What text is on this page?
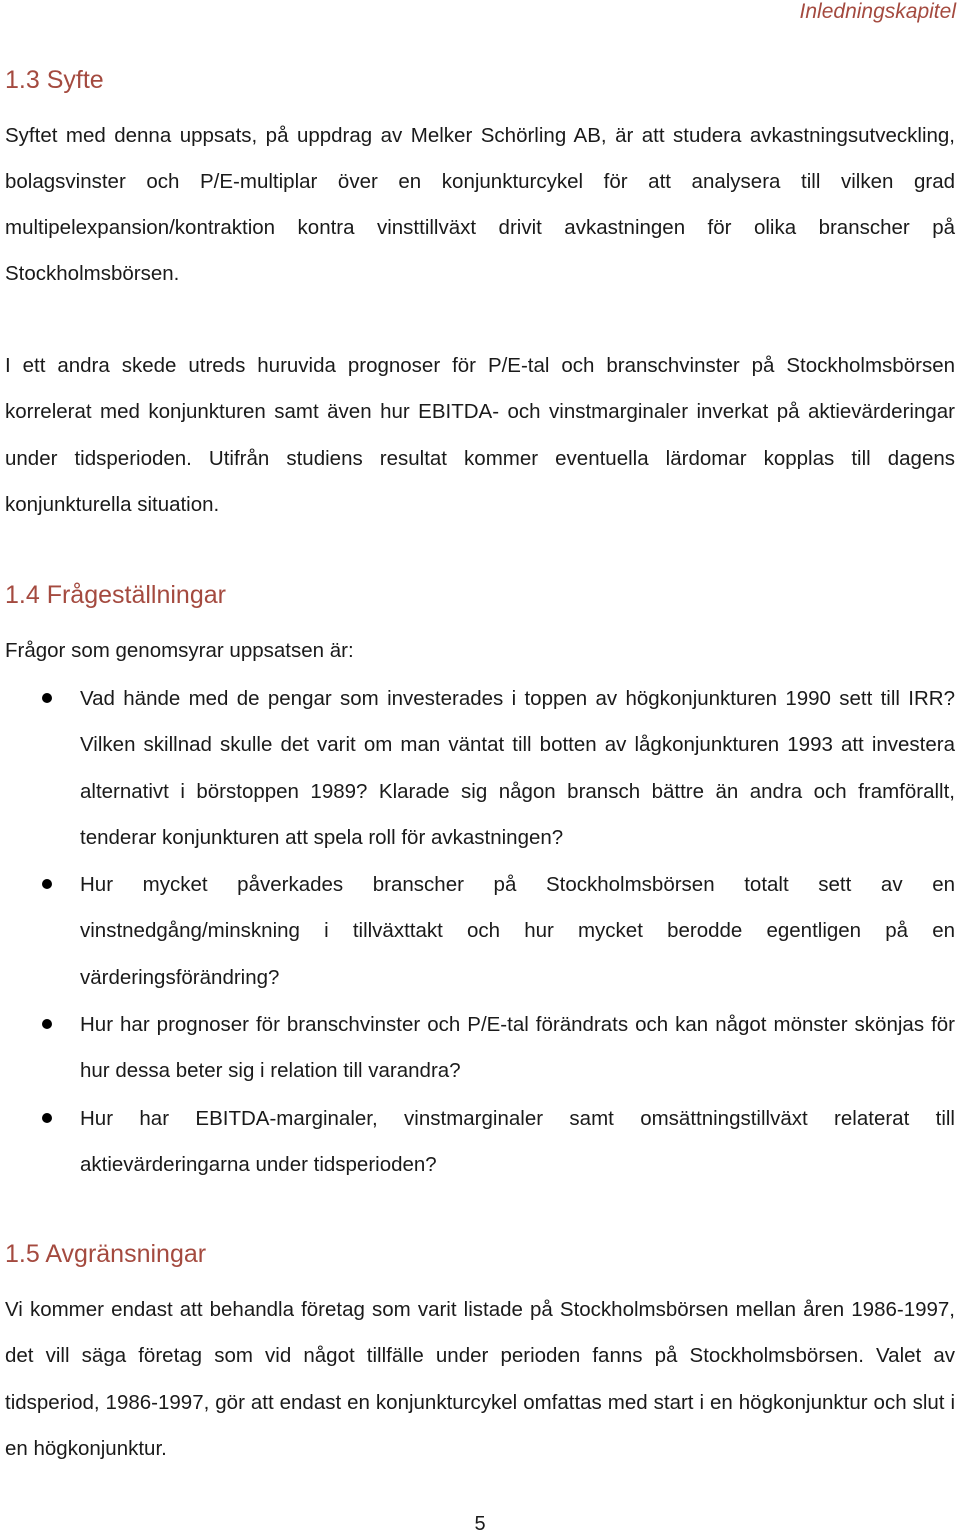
Inledningskapitel
1.3 Syfte

Syftet med denna uppsats, på uppdrag av Melker Schörling AB, är att studera avkastningsutveckling, bolagsvinster och P/E-multiplar över en konjunkturcykel för att analysera till vilken grad multipelexpansion/kontraktion kontra vinsttillväxt drivit avkastningen för olika branscher på Stockholmsbörsen.

I ett andra skede utreds huruvida prognoser för P/E-tal och branschvinster på Stockholmsbörsen korrelerat med konjunkturen samt även hur EBITDA- och vinstmarginaler inverkat på aktievärderingar under tidsperioden. Utifrån studiens resultat kommer eventuella lärdomar kopplas till dagens konjunkturella situation.

1.4 Frågeställningar

Frågor som genomsyrar uppsatsen är:

Vad hände med de pengar som investerades i toppen av högkonjunkturen 1990 sett till IRR? Vilken skillnad skulle det varit om man väntat till botten av lågkonjunkturen 1993 att investera alternativt i börstoppen 1989? Klarade sig någon bransch bättre än andra och framförallt, tenderar konjunkturen att spela roll för avkastningen?
Hur mycket påverkades branscher på Stockholmsbörsen totalt sett av en vinstnedgång/minskning i tillväxttakt och hur mycket berodde egentligen på en värderingsförändring?
Hur har prognoser för branschvinster och P/E-tal förändrats och kan något mönster skönjas för hur dessa beter sig i relation till varandra?
Hur har EBITDA-marginaler, vinstmarginaler samt omsättningstillväxt relaterat till aktievärderingarna under tidsperioden?
1.5 Avgränsningar

Vi kommer endast att behandla företag som varit listade på Stockholmsbörsen mellan åren 1986-1997, det vill säga företag som vid något tillfälle under perioden fanns på Stockholmsbörsen. Valet av tidsperiod, 1986-1997, gör att endast en konjunkturcykel omfattas med start i en högkonjunktur och slut i en högkonjunktur.

5
